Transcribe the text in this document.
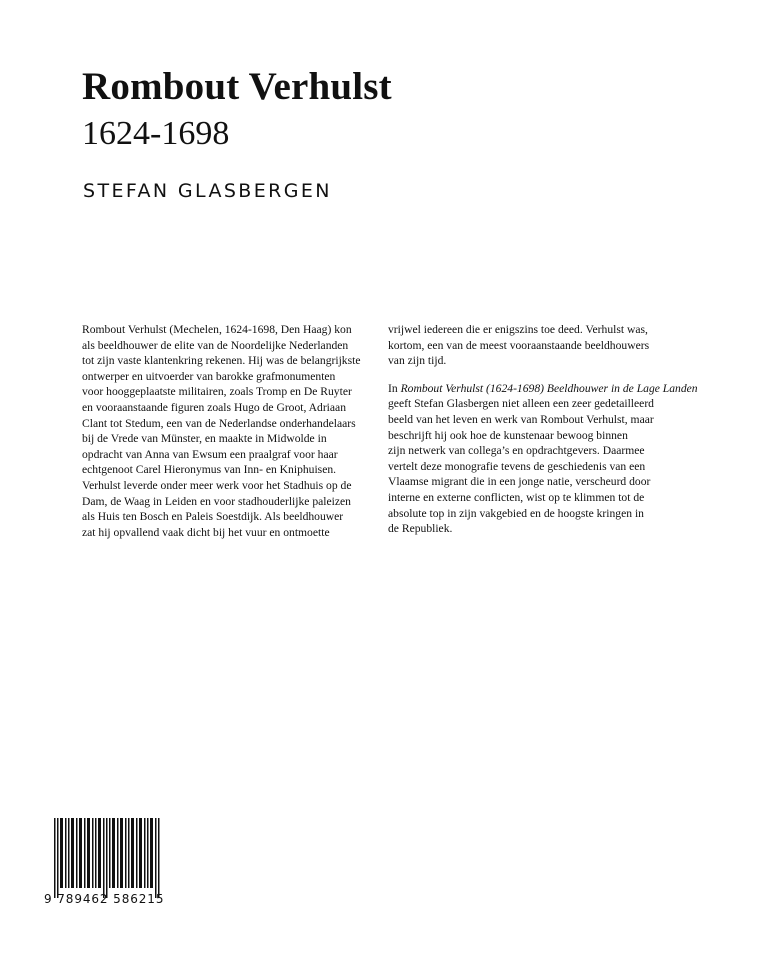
Rombout Verhulst
1624-1698
STEFAN GLASBERGEN

Rombout Verhulst (Mechelen, 1624-1698, Den Haag) kon
als beeldhouwer de elite van de Noordelijke Nederlanden
tot zijn vaste klantenkring rekenen. Hij was de belangrijkste
ontwerper en uitvoerder van barokke grafmonumenten
voor hooggeplaatste militairen, zoals Tromp en De Ruyter
en vooraanstaande figuren zoals Hugo de Groot, Adriaan
Clant tot Stedum, een van de Nederlandse onderhandelaars
bij de Vrede van Münster, en maakte in Midwolde in
opdracht van Anna van Ewsum een praalgraf voor haar
echtgenoot Carel Hieronymus van Inn- en Kniphuisen.
Verhulst leverde onder meer werk voor het Stadhuis op de
Dam, de Waag in Leiden en voor stadhouderlijke paleizen
als Huis ten Bosch en Paleis Soestdijk. Als beeldhouwer
zat hij opvallend vaak dicht bij het vuur en ontmoette

vrijwel iedereen die er enigszins toe deed. Verhulst was,
kortom, een van de meest vooraanstaande beeldhouwers
van zijn tijd.

In Rombout Verhulst (1624-1698) Beeldhouwer in de Lage Landen
geeft Stefan Glasbergen niet alleen een zeer gedetailleerd
beeld van het leven en werk van Rombout Verhulst, maar
beschrijft hij ook hoe de kunstenaar bewoog binnen
zijn netwerk van collega’s en opdrachtgevers. Daarmee
vertelt deze monografie tevens de geschiedenis van een
Vlaamse migrant die in een jonge natie, verscheurd door
interne en externe conflicten, wist op te klimmen tot de
absolute top in zijn vakgebied en de hoogste kringen in
de Republiek.

9 789462 586215
